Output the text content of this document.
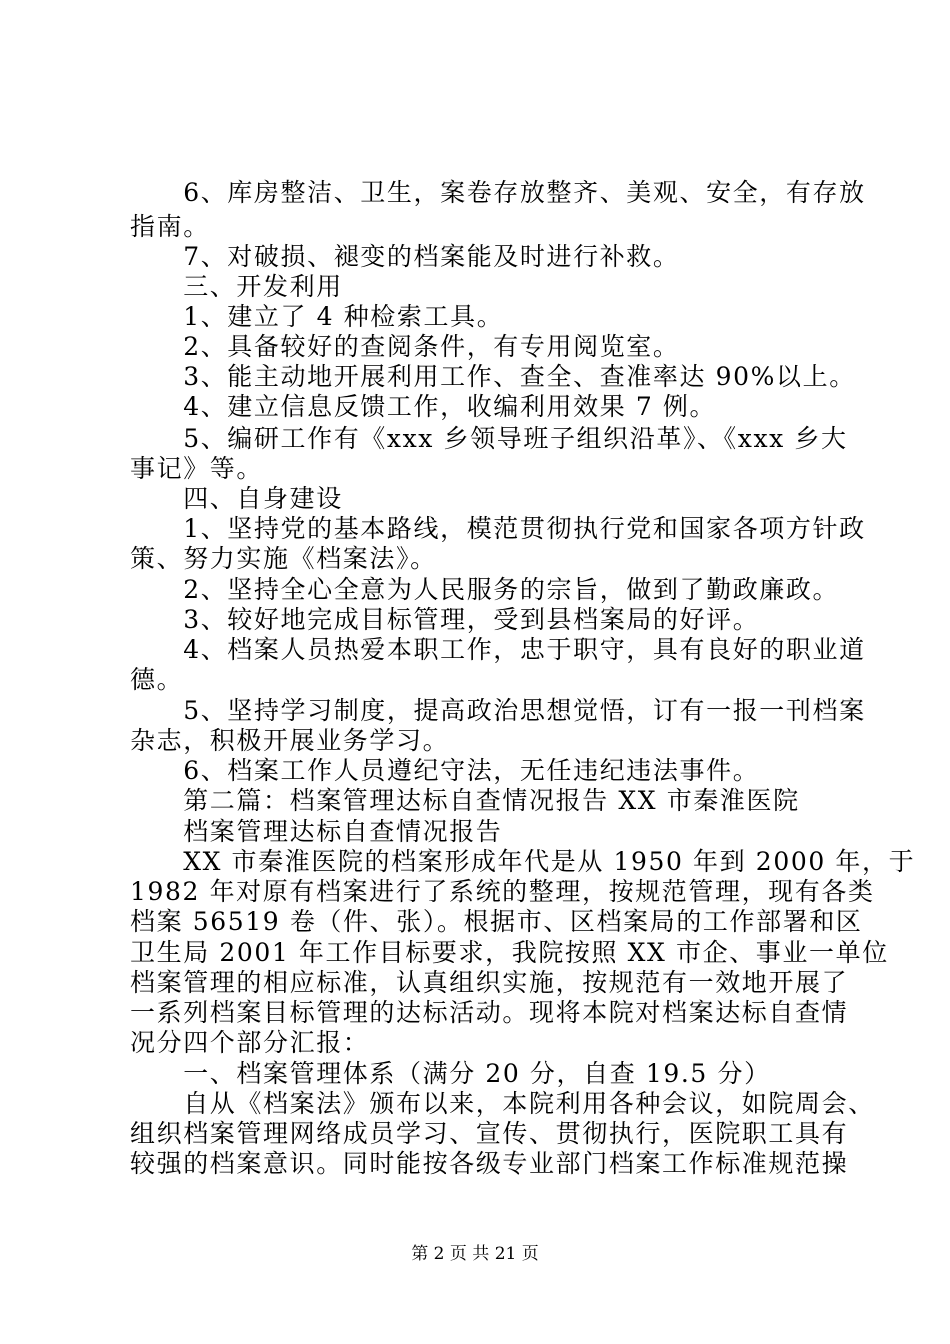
　　6、库房整洁、卫生，案卷存放整齐、美观、安全，有存放
指南。
　　7、对破损、褪变的档案能及时进行补救。
　　三、开发利用
　　1、建立了 4 种检索工具。
　　2、具备较好的查阅条件，有专用阅览室。
　　3、能主动地开展利用工作、查全、查准率达 90%以上。
　　4、建立信息反馈工作，收编利用效果 7 例。
　　5、编研工作有《xxx 乡领导班子组织沿革》、《xxx 乡大
事记》等。
　　四、自身建设
　　1、坚持党的基本路线，模范贯彻执行党和国家各项方针政
策、努力实施《档案法》。
　　2、坚持全心全意为人民服务的宗旨，做到了勤政廉政。
　　3、较好地完成目标管理，受到县档案局的好评。
　　4、档案人员热爱本职工作，忠于职守，具有良好的职业道
德。
　　5、坚持学习制度，提高政治思想觉悟，订有一报一刊档案
杂志，积极开展业务学习。
　　6、档案工作人员遵纪守法，无任违纪违法事件。
　　第二篇：档案管理达标自查情况报告 XX 市秦淮医院
　　档案管理达标自查情况报告
　　XX 市秦淮医院的档案形成年代是从 1950 年到 2000 年，于
1982 年对原有档案进行了系统的整理，按规范管理，现有各类
档案 56519 卷（件、张）。根据市、区档案局的工作部署和区
卫生局 2001 年工作目标要求，我院按照 XX 市企、事业一单位
档案管理的相应标准，认真组织实施，按规范有一效地开展了
一系列档案目标管理的达标活动。现将本院对档案达标自查情
况分四个部分汇报：
　　一、档案管理体系（满分 20 分，自查 19.5 分）
　　自从《档案法》颁布以来，本院利用各种会议，如院周会、
组织档案管理网络成员学习、宣传、贯彻执行，医院职工具有
较强的档案意识。同时能按各级专业部门档案工作标准规范操
第 2 页 共 21 页
